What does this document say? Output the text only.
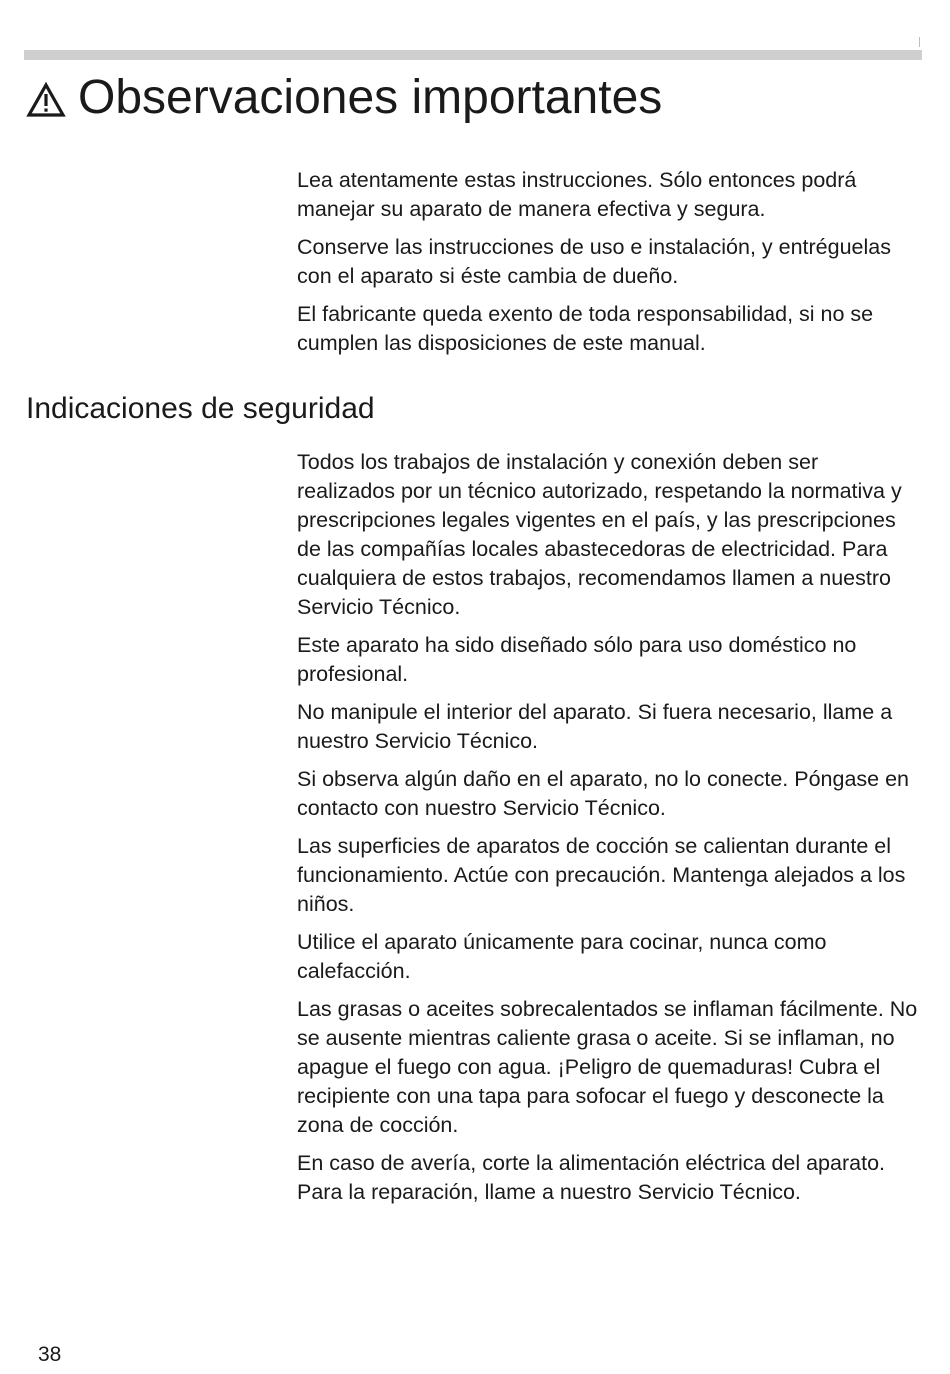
Observaciones importantes

Lea atentamente estas instrucciones. Sólo entonces podrá manejar su aparato de manera efectiva y segura.

Conserve las instrucciones de uso e instalación, y entréguelas con el aparato si éste cambia de dueño.

El fabricante queda exento de toda responsabilidad, si no se cumplen las disposiciones de este manual.

Indicaciones de seguridad

Todos los trabajos de instalación y conexión deben ser realizados por un técnico autorizado, respetando la normativa y prescripciones legales vigentes en el país, y las prescripciones de las compañías locales abastecedoras de electricidad. Para cualquiera de estos trabajos, recomendamos llamen a nuestro Servicio Técnico.

Este aparato ha sido diseñado sólo para uso doméstico no profesional.

No manipule el interior del aparato. Si fuera necesario, llame a nuestro Servicio Técnico.

Si observa algún daño en el aparato, no lo conecte. Póngase en contacto con nuestro Servicio Técnico.

Las superficies de aparatos de cocción se calientan durante el funcionamiento. Actúe con precaución. Mantenga alejados a los niños.

Utilice el aparato únicamente para cocinar, nunca como calefacción.

Las grasas o aceites sobrecalentados se inflaman fácilmente. No se ausente mientras caliente grasa o aceite. Si se inflaman, no apague el fuego con agua. ¡Peligro de quemaduras! Cubra el recipiente con una tapa para sofocar el fuego y desconecte la zona de cocción.

En caso de avería, corte la alimentación eléctrica del aparato. Para la reparación, llame a nuestro Servicio Técnico.

38
